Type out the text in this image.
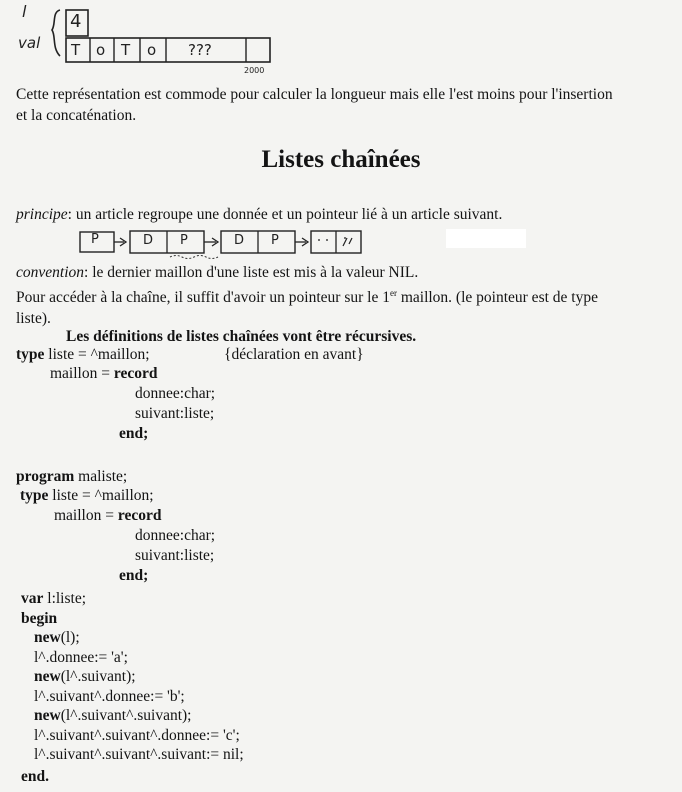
l
val
4
T o T o ???
2000
Cette représentation est commode pour calculer la longueur mais elle l'est moins pour l'insertion
et la concaténation.
Listes chaînées
principe: un article regroupe une donnée et un pointeur lié à un article suivant.
P	D P	D P
convention: le dernier maillon d'une liste est mis à la valeur NIL.
Pour accéder à la chaîne, il suffit d'avoir un pointeur sur le 1er maillon. (le pointeur est de type
liste).
Les définitions de listes chaînées vont être récursives.
type liste = ^maillon;	{déclaration en avant}
maillon = record
donnee:char;
suivant:liste;
end;
program maliste;
type liste = ^maillon;
maillon = record
donnee:char;
suivant:liste;
end;
var l:liste;
begin
new(l);
l^.donnee:= 'a';
new(l^.suivant);
l^.suivant^.donnee:= 'b';
new(l^.suivant^.suivant);
l^.suivant^.suivant^.donnee:= 'c';
l^.suivant^.suivant^.suivant:= nil;
end.
